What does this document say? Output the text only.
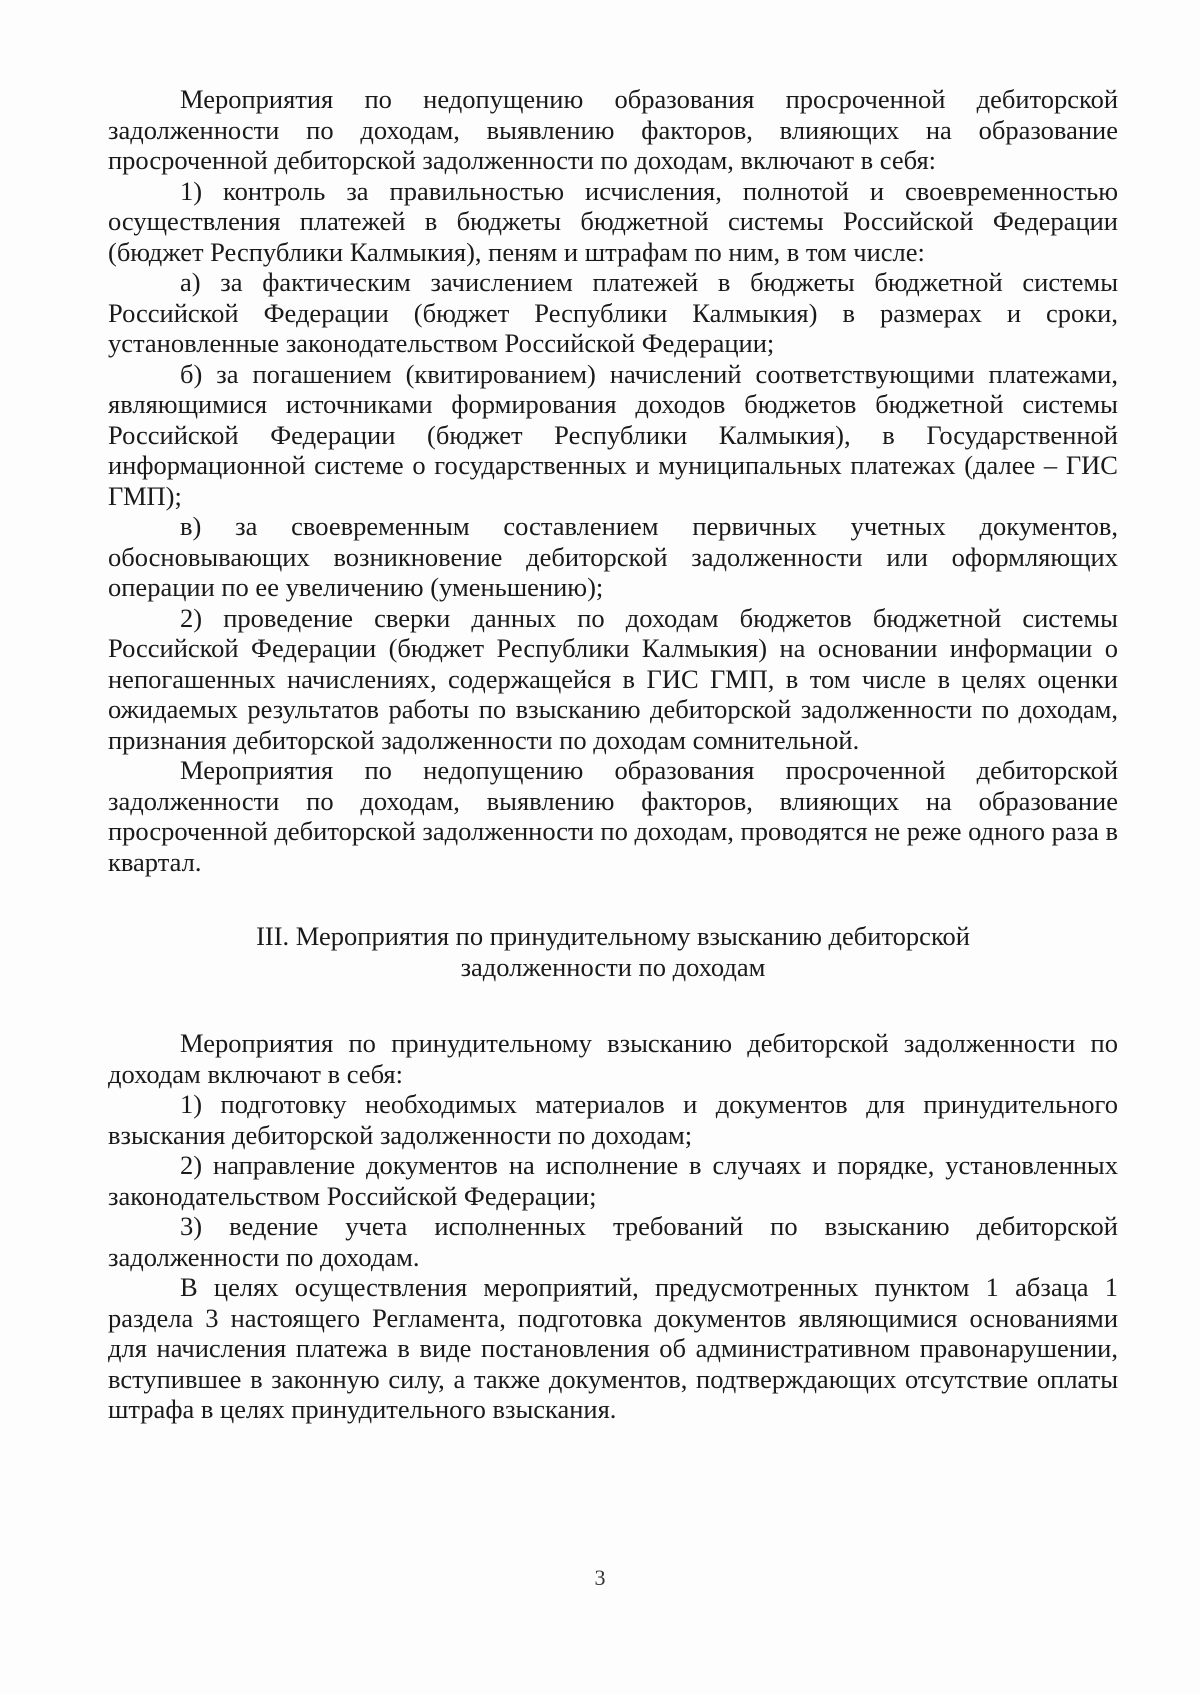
Мероприятия по недопущению образования просроченной дебиторской задолженности по доходам, выявлению факторов, влияющих на образование просроченной дебиторской задолженности по доходам, включают в себя:

1) контроль за правильностью исчисления, полнотой и своевременностью осуществления платежей в бюджеты бюджетной системы Российской Федерации (бюджет Республики Калмыкия), пеням и штрафам по ним, в том числе:

а) за фактическим зачислением платежей в бюджеты бюджетной системы Российской Федерации (бюджет Республики Калмыкия) в размерах и сроки, установленные законодательством Российской Федерации;

б) за погашением (квитированием) начислений соответствующими платежами, являющимися источниками формирования доходов бюджетов бюджетной системы Российской Федерации (бюджет Республики Калмыкия), в Государственной информационной системе о государственных и муниципальных платежах (далее – ГИС ГМП);

в) за своевременным составлением первичных учетных документов, обосновывающих возникновение дебиторской задолженности или оформляющих операции по ее увеличению (уменьшению);

2) проведение сверки данных по доходам бюджетов бюджетной системы Российской Федерации (бюджет Республики Калмыкия) на основании информации о непогашенных начислениях, содержащейся в ГИС ГМП, в том числе в целях оценки ожидаемых результатов работы по взысканию дебиторской задолженности по доходам, признания дебиторской задолженности по доходам сомнительной.

Мероприятия по недопущению образования просроченной дебиторской задолженности по доходам, выявлению факторов, влияющих на образование просроченной дебиторской задолженности по доходам, проводятся не реже одного раза в квартал.

III. Мероприятия по принудительному взысканию дебиторской
задолженности по доходам

Мероприятия по принудительному взысканию дебиторской задолженности по доходам включают в себя:

1) подготовку необходимых материалов и документов для принудительного взыскания дебиторской задолженности по доходам;

2) направление документов на исполнение в случаях и порядке, установленных законодательством Российской Федерации;

3) ведение учета исполненных требований по взысканию дебиторской задолженности по доходам.

В целях осуществления мероприятий, предусмотренных пунктом 1 абзаца 1 раздела 3 настоящего Регламента, подготовка документов являющимися основаниями для начисления платежа в виде постановления об административном правонарушении, вступившее в законную силу, а также документов, подтверждающих отсутствие оплаты штрафа в целях принудительного взыскания.

3
